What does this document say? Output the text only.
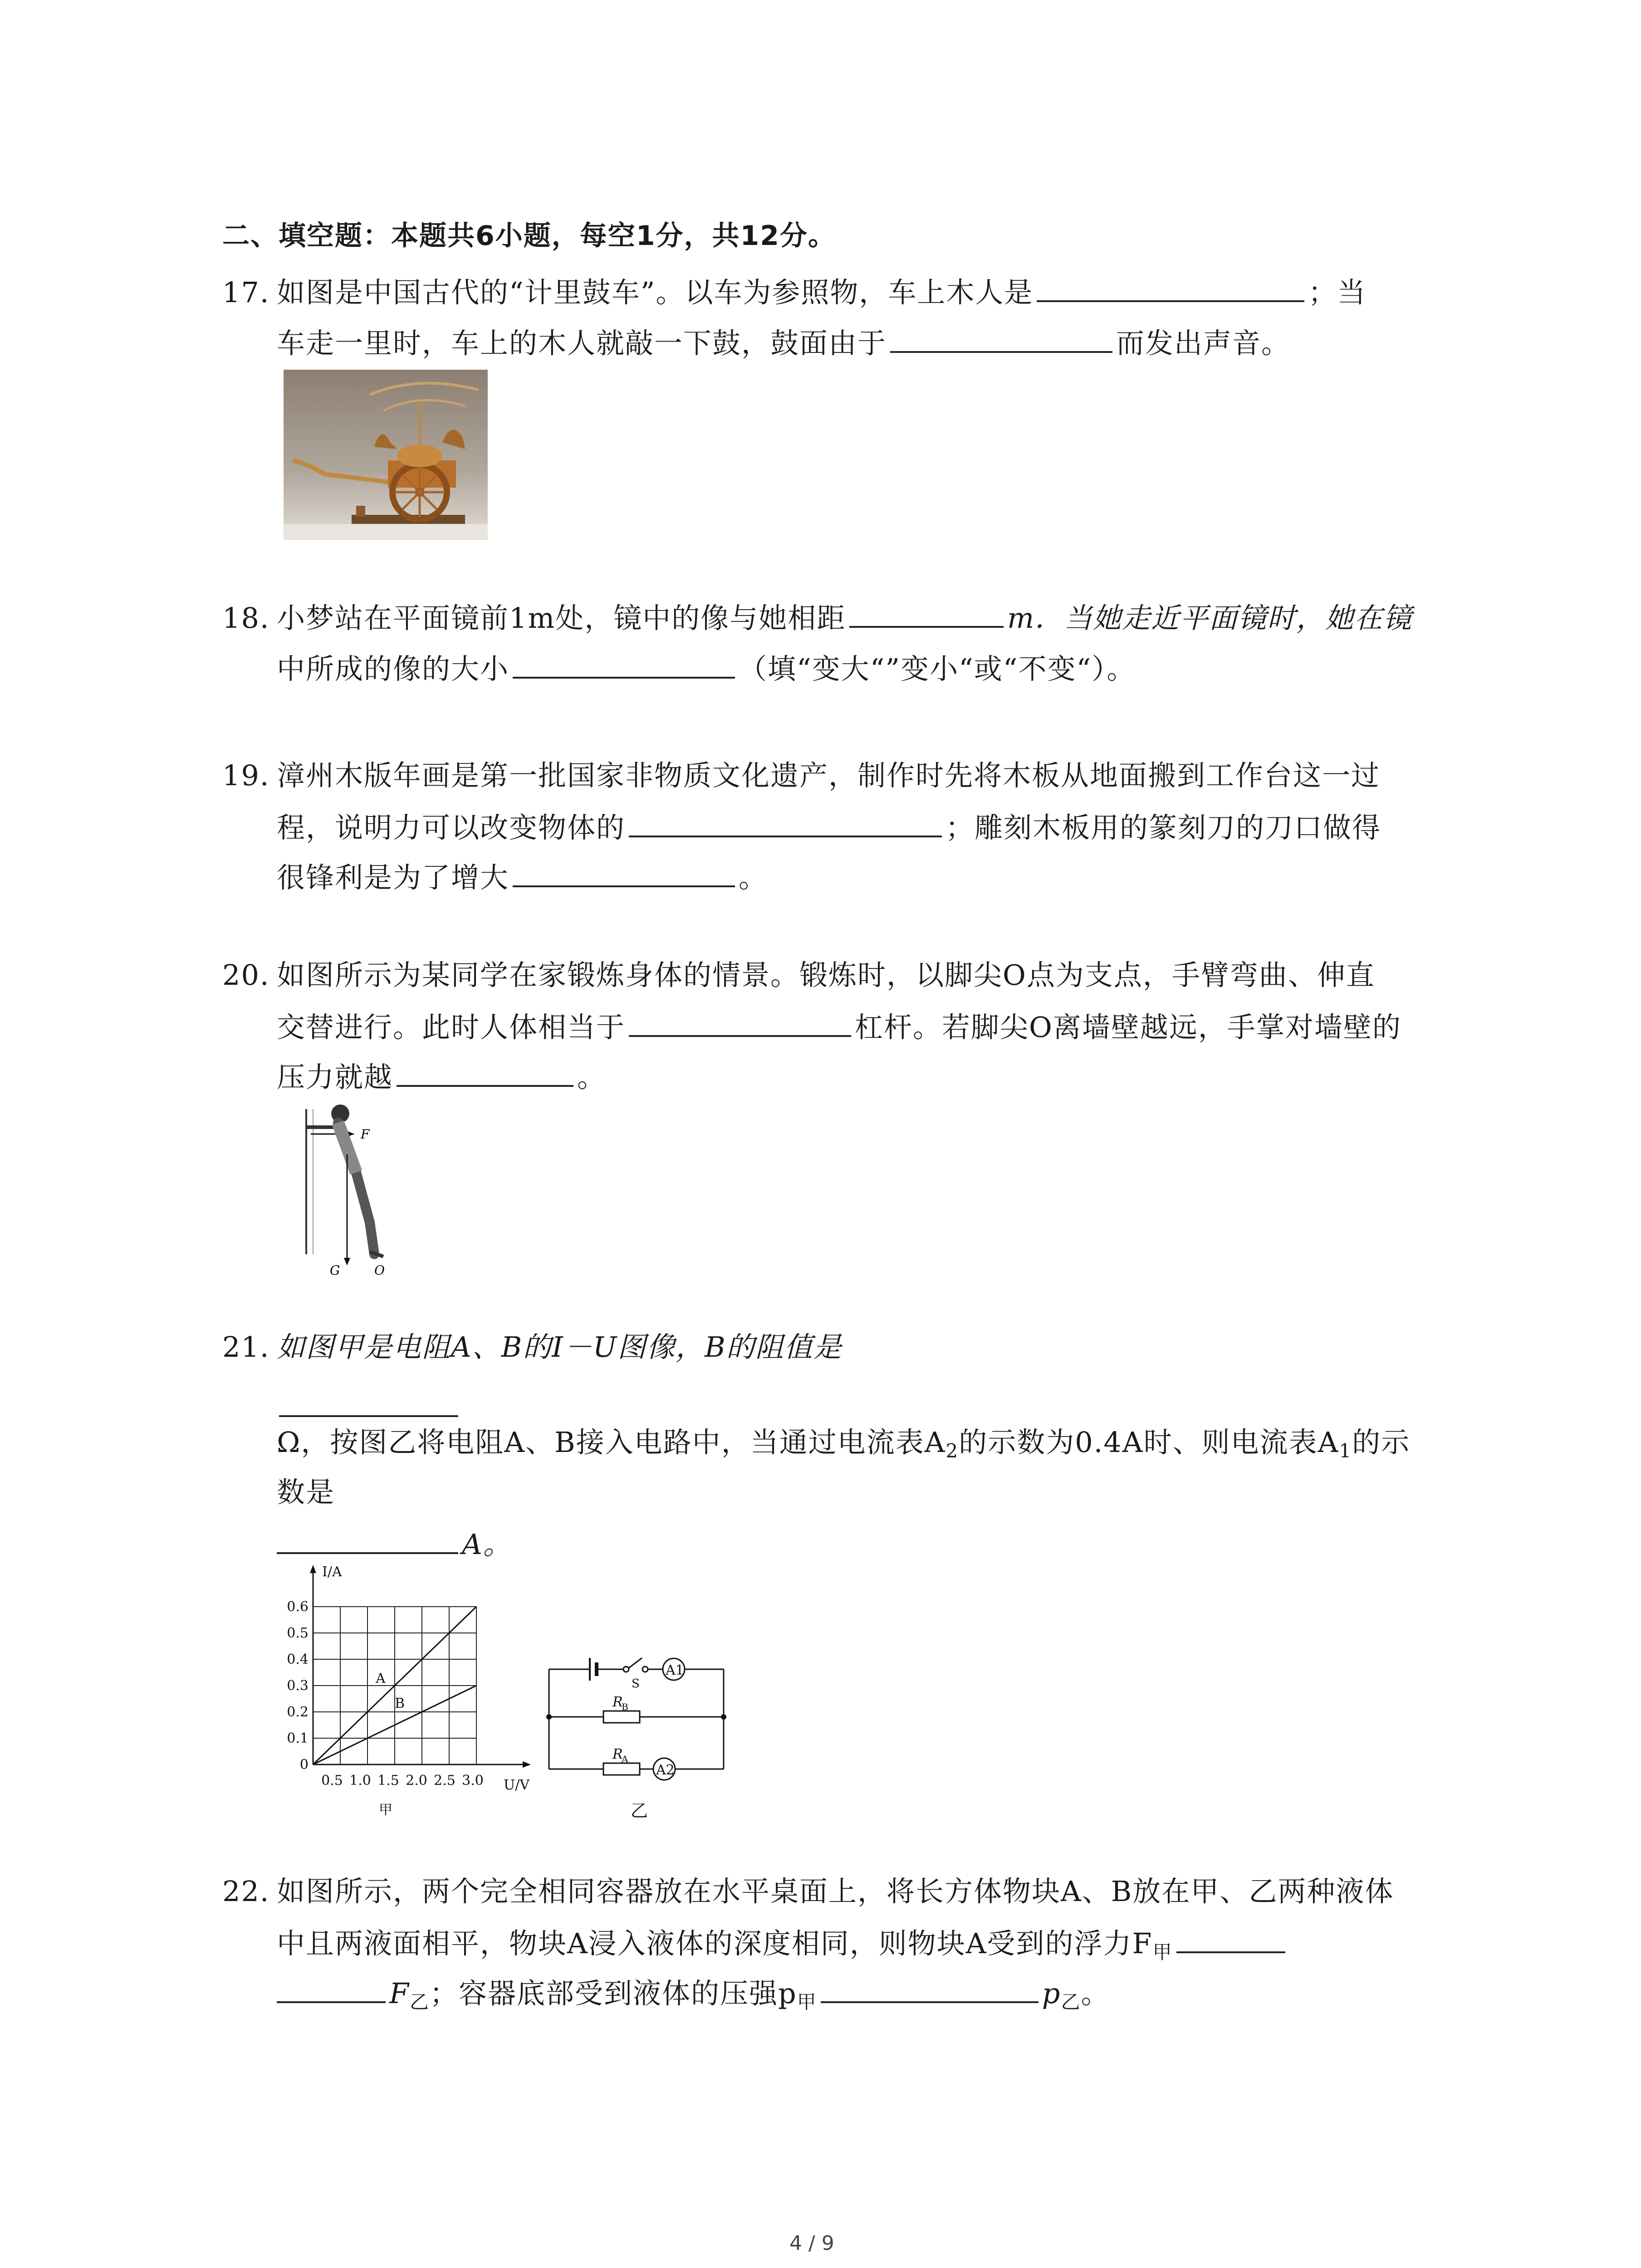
二、填空题：本题共6小题，每空1分，共12分。
17. 如图是中国古代的“计里鼓车”。以车为参照物，车上木人是	；当
车走一里时，车上的木人就敲一下鼓，鼓面由于	而发出声音。
18. 小梦站在平面镜前1m处，镜中的像与她相距	m．当她走近平面镜时，她在镜
中所成的像的大小	（填“变大“”变小“或“不变“）。
19. 漳州木版年画是第一批国家非物质文化遗产，制作时先将木板从地面搬到工作台这一过
程，说明力可以改变物体的	；雕刻木板用的篆刻刀的刀口做得
很锋利是为了增大	。
20. 如图所示为某同学在家锻炼身体的情景。锻炼时，以脚尖O点为支点，手臂弯曲、伸直
交替进行。此时人体相当于	杠杆。若脚尖O离墙壁越远，手掌对墙壁的
压力就越	。
F
G	O
21. 如图甲是电阻A、B的I－U图像，B的阻值是
Ω，按图乙将电阻A、B接入电路中，当通过电流表$A_2$的示数为0.4A时、则电流表$A_1$的示
数是
A。
A
B
I/A
U/V
0.6
0.5
0.4
0.3
0.2
0.1
0
0.5 1.0 1.5 2.0 2.5 3.0
甲
S
A1
A2
R
B
R
A
乙
22. 如图所示，两个完全相同容器放在水平桌面上，将长方体物块A、B放在甲、乙两种液体
中且两液面相平，物块A浸入液体的深度相同，则物块A受到的浮力$F_甲$
$F_乙$；容器底部受到液体的压强$p_甲$	$p_乙$。
4 / 9
